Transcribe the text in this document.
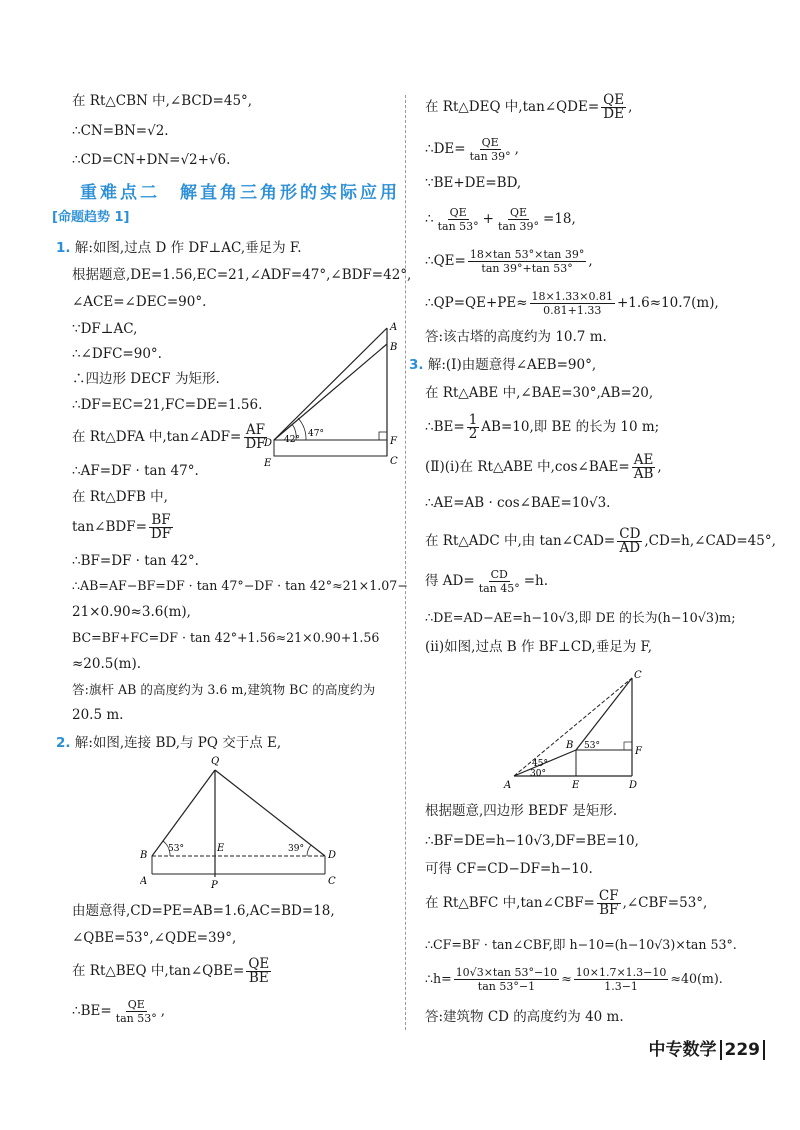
重难点二　解直角三角形的实际应用
[命题趋势 1]
在 Rt△CBN 中,∠BCD=45°,
∴CN=BN=√2.
∴CD=CN+DN=√2+√6.
1. 解:如图,过点 D 作 DF⊥AC,垂足为 F.
根据题意,DE=1.56,EC=21,∠ADF=47°,∠BDF=42°,
∠ACE=∠DEC=90°.
∵DF⊥AC,
∴∠DFC=90°.
∴四边形 DECF 为矩形.
∴DF=EC=21,FC=DE=1.56.
在 Rt△DFA 中,tan∠ADF= $\frac{AF}{DF}$
∴AF=DF · tan 47°.
在 Rt△DFB 中,
tan∠BDF= $\frac{BF}{DF}$
∴BF=DF · tan 42°.
∴AB=AF−BF=DF · tan 47°−DF · tan 42°≈21×1.07−
21×0.90≈3.6(m),
BC=BF+FC=DF · tan 42°+1.56≈21×0.90+1.56
≈20.5(m).
答:旗杆 AB 的高度约为 3.6 m,建筑物 BC 的高度约为
20.5 m.
2. 解:如图,连接 BD,与 PQ 交于点 E,
由题意得,CD=PE=AB=1.6,AC=BD=18,
∠QBE=53°,∠QDE=39°,
在 Rt△BEQ 中,tan∠QBE= $\frac{QE}{BE}$
∴BE= $\frac{QE}{\tan 53^\circ}$ ,
A
B
C
D
E
F
42°
47°
Q
B
E
D
A	P	C
53°	39°
在 Rt△DEQ 中,tan∠QDE= $\frac{QE}{DE}$ ,
∴DE= $\frac{QE}{\tan 39^\circ}$ ,
∵BE+DE=BD,
∴ $\frac{QE}{\tan 53^\circ} + \frac{QE}{\tan 39^\circ} =18$,
∴QE= $\frac{18\times\tan 53^\circ\times\tan 39^\circ}{\tan 39^\circ+\tan 53^\circ}$ ,
∴QP=QE+PE≈ $\frac{18\times 1.33\times 0.81}{0.81+1.33} +1.6\approx 10.7(m)$,
答:该古塔的高度约为 10.7 m.
3. 解:(Ⅰ)由题意得∠AEB=90°,
在 Rt△ABE 中,∠BAE=30°,AB=20,
∴BE= $\frac{1}{2} AB=10$,即 BE 的长为 10 m;
(Ⅱ)(ⅰ)在 Rt△ABE 中,cos∠BAE= $\frac{AE}{AB}$ ,
∴AE=AB · cos∠BAE=10√3.
在 Rt△ADC 中,由 tan∠CAD= $\frac{CD}{AD}$ ,CD=h,∠CAD=45°,
得 $AD= \frac{CD}{\tan 45^\circ} =h$.
∴DE=AD−AE=h−10√3,即 DE 的长为(h−10√3)m;
(ⅱ)如图,过点 B 作 BF⊥CD,垂足为 F,
根据题意,四边形 BEDF 是矩形.
∴BF=DE=h−10√3,DF=BE=10,
可得 CF=CD−DF=h−10.
在 Rt△BFC 中,tan∠CBF= $\frac{CF}{BF}$ ,∠CBF=53°,
∴CF=BF · tan∠CBF,即 h−10=(h−10√3)×tan 53°.
∴h= $\frac{10√3\times\tan 53^\circ-10}{\tan 53^\circ-1} \approx \frac{10\times 1.7\times 1.3-10}{1.3-1} \approx 40(m)$.
答:建筑物 CD 的高度约为 40 m.
C
B
F
A	E	D
53°
45°
30°
中专数学 229
